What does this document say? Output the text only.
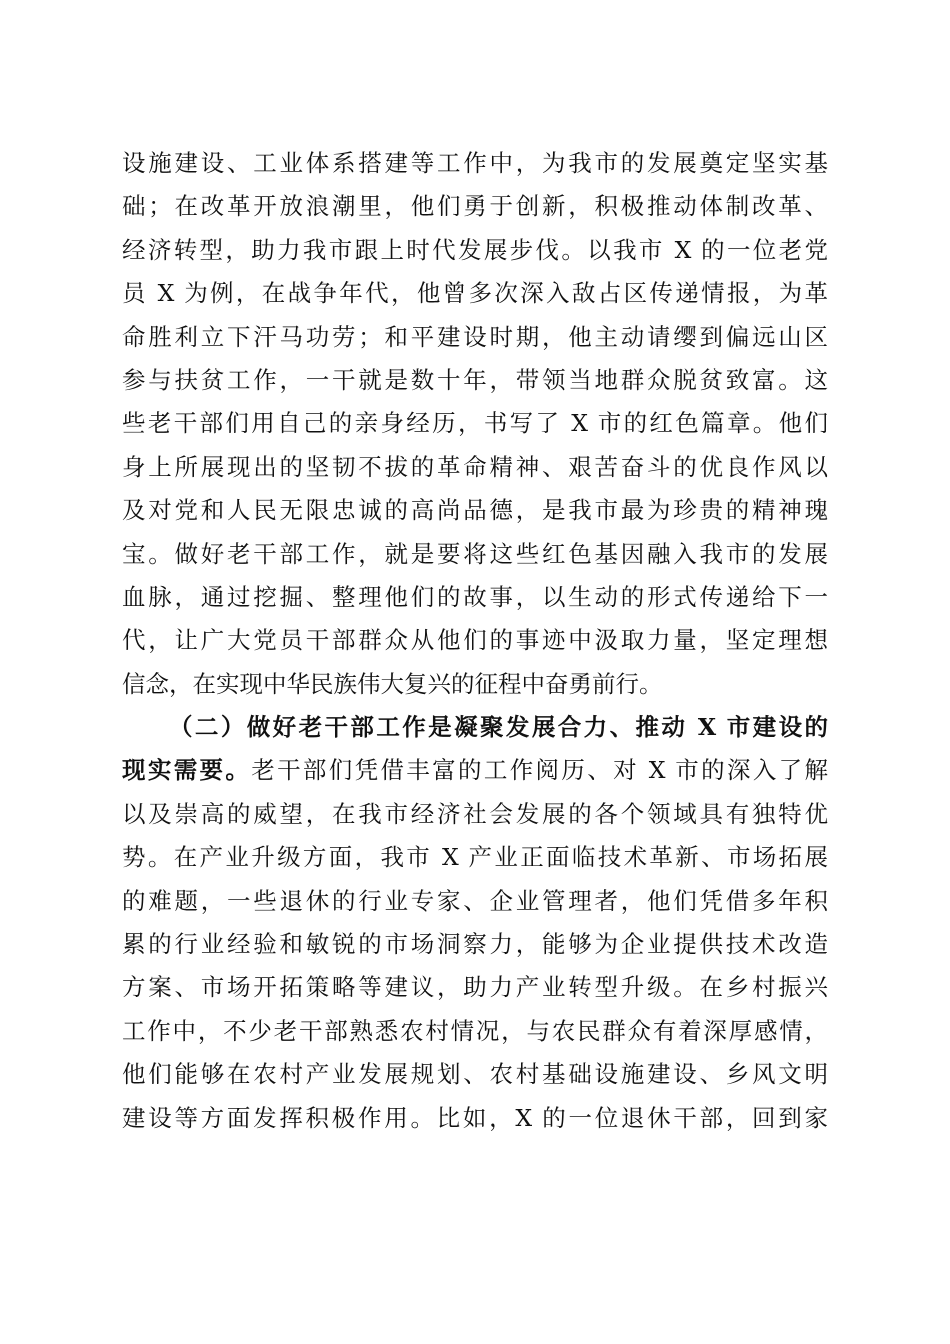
设施建设、工业体系搭建等工作中，为我市的发展奠定坚实基
础；在改革开放浪潮里，他们勇于创新，积极推动体制改革、
经济转型，助力我市跟上时代发展步伐。以我市 X 的一位老党
员 X 为例，在战争年代，他曾多次深入敌占区传递情报，为革
命胜利立下汗马功劳；和平建设时期，他主动请缨到偏远山区
参与扶贫工作，一干就是数十年，带领当地群众脱贫致富。这
些老干部们用自己的亲身经历，书写了 X 市的红色篇章。他们
身上所展现出的坚韧不拔的革命精神、艰苦奋斗的优良作风以
及对党和人民无限忠诚的高尚品德，是我市最为珍贵的精神瑰
宝。做好老干部工作，就是要将这些红色基因融入我市的发展
血脉，通过挖掘、整理他们的故事，以生动的形式传递给下一
代，让广大党员干部群众从他们的事迹中汲取力量，坚定理想
信念，在实现中华民族伟大复兴的征程中奋勇前行。
（二）做好老干部工作是凝聚发展合力、推动 X 市建设的
现实需要。老干部们凭借丰富的工作阅历、对 X 市的深入了解
以及崇高的威望，在我市经济社会发展的各个领域具有独特优
势。在产业升级方面，我市 X 产业正面临技术革新、市场拓展
的难题，一些退休的行业专家、企业管理者，他们凭借多年积
累的行业经验和敏锐的市场洞察力，能够为企业提供技术改造
方案、市场开拓策略等建议，助力产业转型升级。在乡村振兴
工作中，不少老干部熟悉农村情况，与农民群众有着深厚感情，
他们能够在农村产业发展规划、农村基础设施建设、乡风文明
建设等方面发挥积极作用。比如，X 的一位退休干部，回到家
